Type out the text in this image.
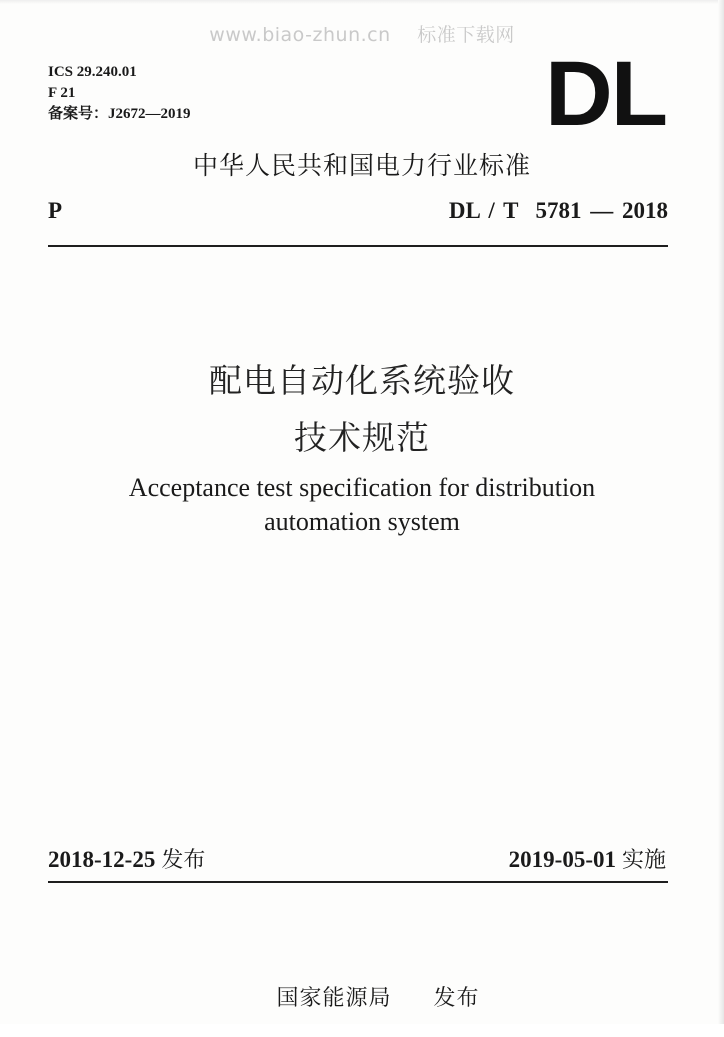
www.biao-zhun.cn 标准下载网
ICS 29.240.01
F 21
备案号：J2672—2019	DL
中华人民共和国电力行业标准
P	DL / T  5781 — 2018
配电自动化系统验收
技术规范
Acceptance test specification for distribution
automation system
2018-12-25 发布	2019-05-01 实施

国家能源局 发布
